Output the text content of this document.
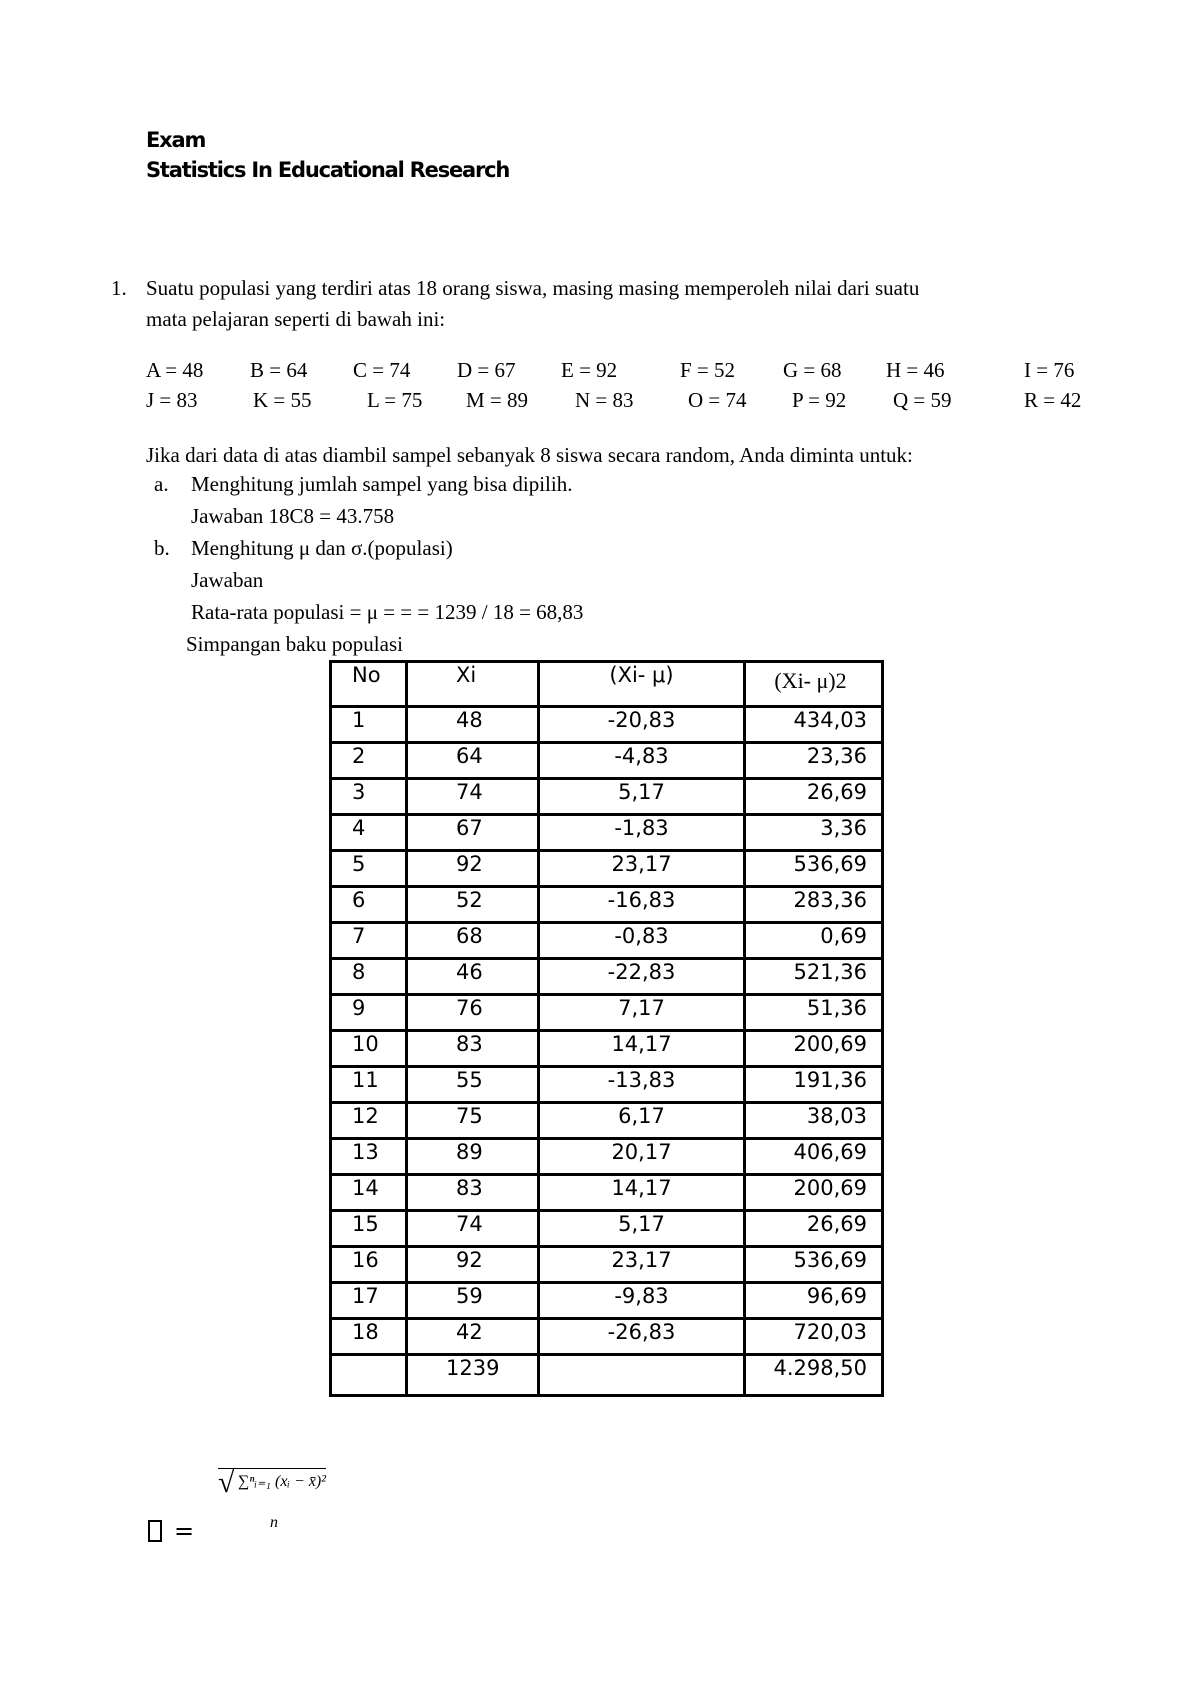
Exam
Statistics In Educational Research
1. Suatu populasi yang terdiri atas 18 orang siswa, masing masing memperoleh nilai dari suatu
mata pelajaran seperti di bawah ini:
A = 48 B = 64 C = 74 D = 67 E = 92	F = 52 G = 68 H = 46	I = 76
J = 83	K = 55	L = 75 M = 89 N = 83	O = 74 P = 92 Q = 59	R = 42
Jika dari data di atas diambil sampel sebanyak 8 siswa secara random, Anda diminta untuk:
a. Menghitung jumlah sampel yang bisa dipilih.
Jawaban 18C8 = 43.758
b. Menghitung μ dan σ.(populasi)
Jawaban
Rata-rata populasi = μ = = = 1239 / 18 = 68,83
Simpangan baku populasi
No	Xi	(Xi- μ)	(Xi- μ)2
1	48	-20,83	434,03
2	64	-4,83	23,36
3	74	5,17	26,69
4	67	-1,83	3,36
5	92	23,17	536,69
6	52	-16,83	283,36
7	68	-0,83	0,69
8	46	-22,83	521,36
9	76	7,17	51,36
10	83	14,17	200,69
11	55	-13,83	191,36
12	75	6,17	38,03
13	89	20,17	406,69
14	83	14,17	200,69
15	74	5,17	26,69
16	92	23,17	536,69
17	59	-9,83	96,69
18	42	-26,83	720,03
	1239		4.298,50
√ ∑ⁿᵢ₌₁ (xᵢ − x̄)²
n
=
